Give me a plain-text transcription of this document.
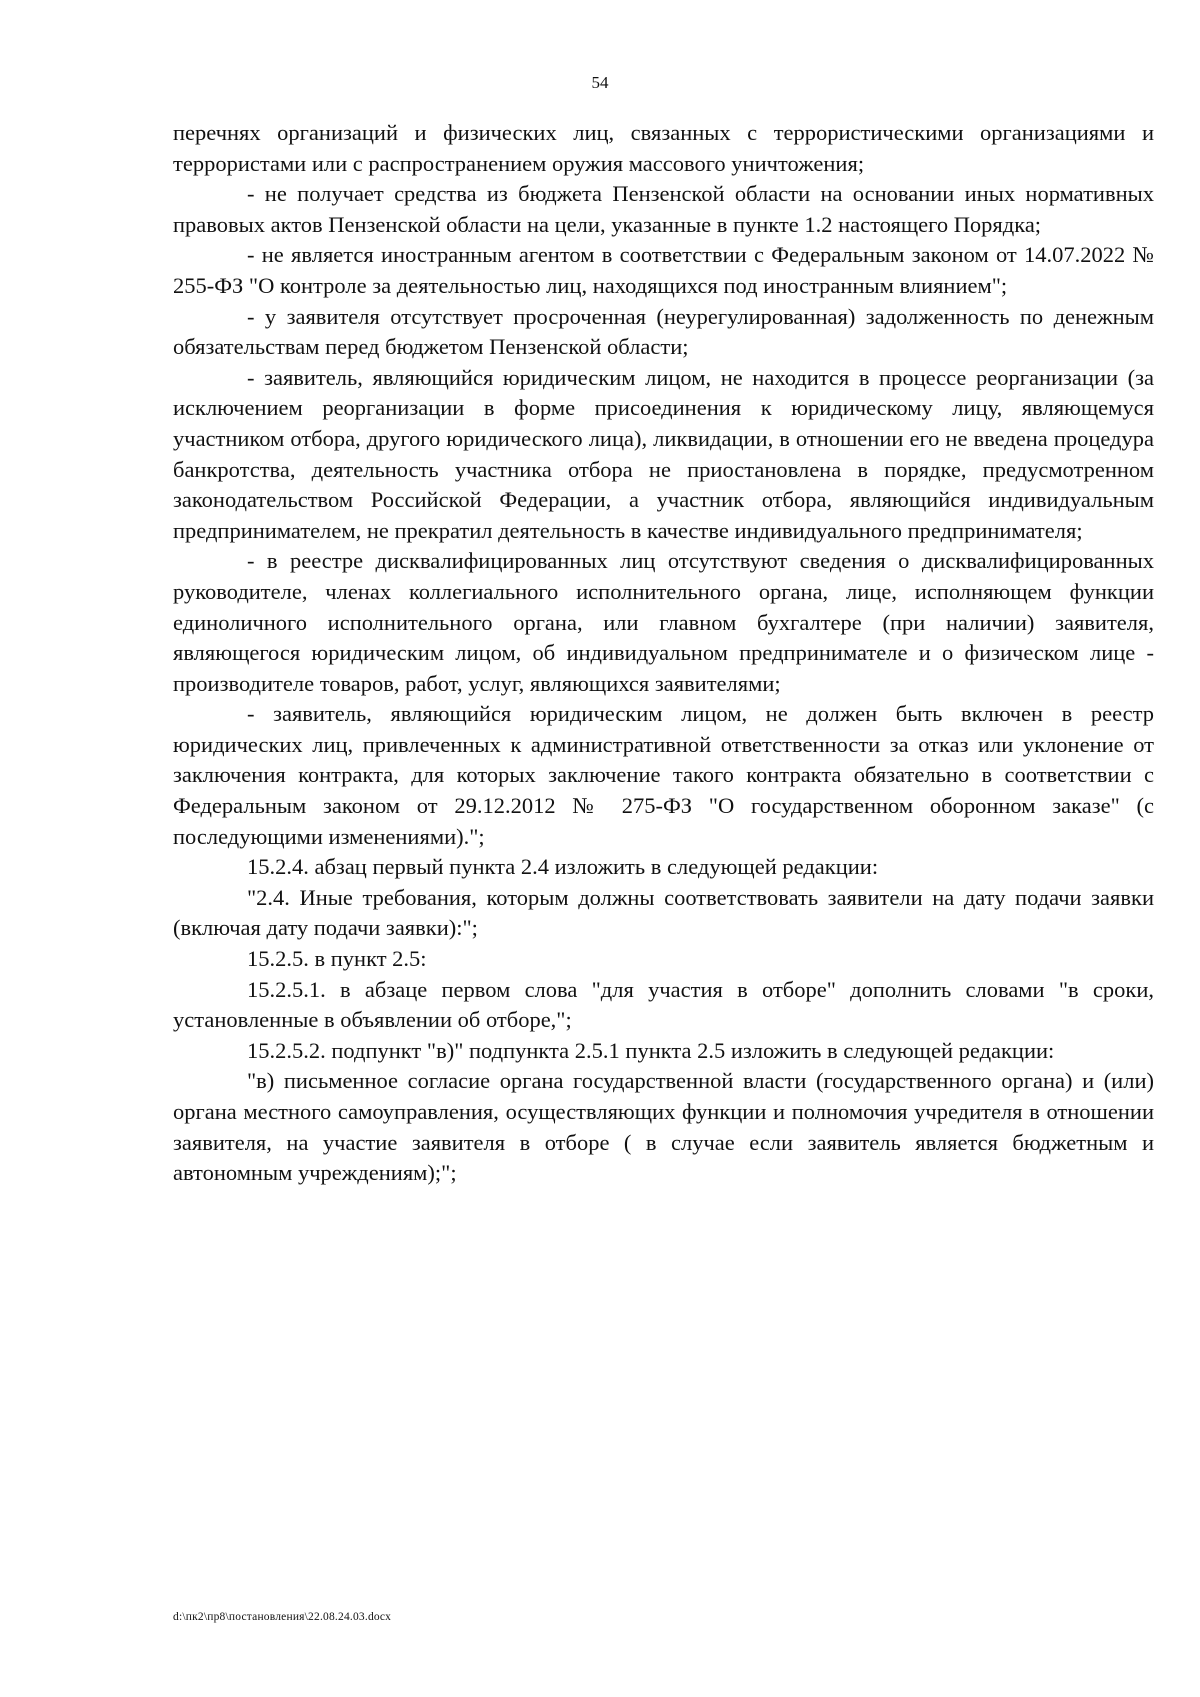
54

перечнях организаций и физических лиц, связанных с террористическими организациями и террористами или с распространением оружия массового уничтожения;

- не получает средства из бюджета Пензенской области на основании иных нормативных правовых актов Пензенской области на цели, указанные в пункте 1.2 настоящего Порядка;

- не является иностранным агентом в соответствии с Федеральным законом от 14.07.2022 № 255-ФЗ "О контроле за деятельностью лиц, находящихся под иностранным влиянием";

- у заявителя отсутствует просроченная (неурегулированная) задолженность по денежным обязательствам перед бюджетом Пензенской области;

- заявитель, являющийся юридическим лицом, не находится в процессе реорганизации (за исключением реорганизации в форме присоединения к юридическому лицу, являющемуся участником отбора, другого юридического лица), ликвидации, в отношении его не введена процедура банкротства, деятельность участника отбора не приостановлена в порядке, предусмотренном законодательством Российской Федерации, а участник отбора, являющийся индивидуальным предпринимателем, не прекратил деятельность в качестве индивидуального предпринимателя;

- в реестре дисквалифицированных лиц отсутствуют сведения о дисквалифицированных руководителе, членах коллегиального исполнительного органа, лице, исполняющем функции единоличного исполнительного органа, или главном бухгалтере (при наличии) заявителя, являющегося юридическим лицом, об индивидуальном предпринимателе и о физическом лице - производителе товаров, работ, услуг, являющихся заявителями;

- заявитель, являющийся юридическим лицом, не должен быть включен в реестр юридических лиц, привлеченных к административной ответственности за отказ или уклонение от заключения контракта, для которых заключение такого контракта обязательно в соответствии с Федеральным законом от 29.12.2012 № 275-ФЗ "О государственном оборонном заказе" (с последующими изменениями).";

15.2.4. абзац первый пункта 2.4 изложить в следующей редакции:

"2.4. Иные требования, которым должны соответствовать заявители на дату подачи заявки (включая дату подачи заявки):";

15.2.5. в пункт 2.5:

15.2.5.1. в абзаце первом слова "для участия в отборе" дополнить словами "в сроки, установленные в объявлении об отборе,";

15.2.5.2. подпункт "в)" подпункта 2.5.1 пункта 2.5 изложить в следующей редакции:

"в) письменное согласие органа государственной власти (государственного органа) и (или) органа местного самоуправления, осуществляющих функции и полномочия учредителя в отношении заявителя, на участие заявителя в отборе ( в случае если заявитель является бюджетным и автономным учреждениям);";

d:\пк2\пр8\постановления\22.08.24.03.docx
